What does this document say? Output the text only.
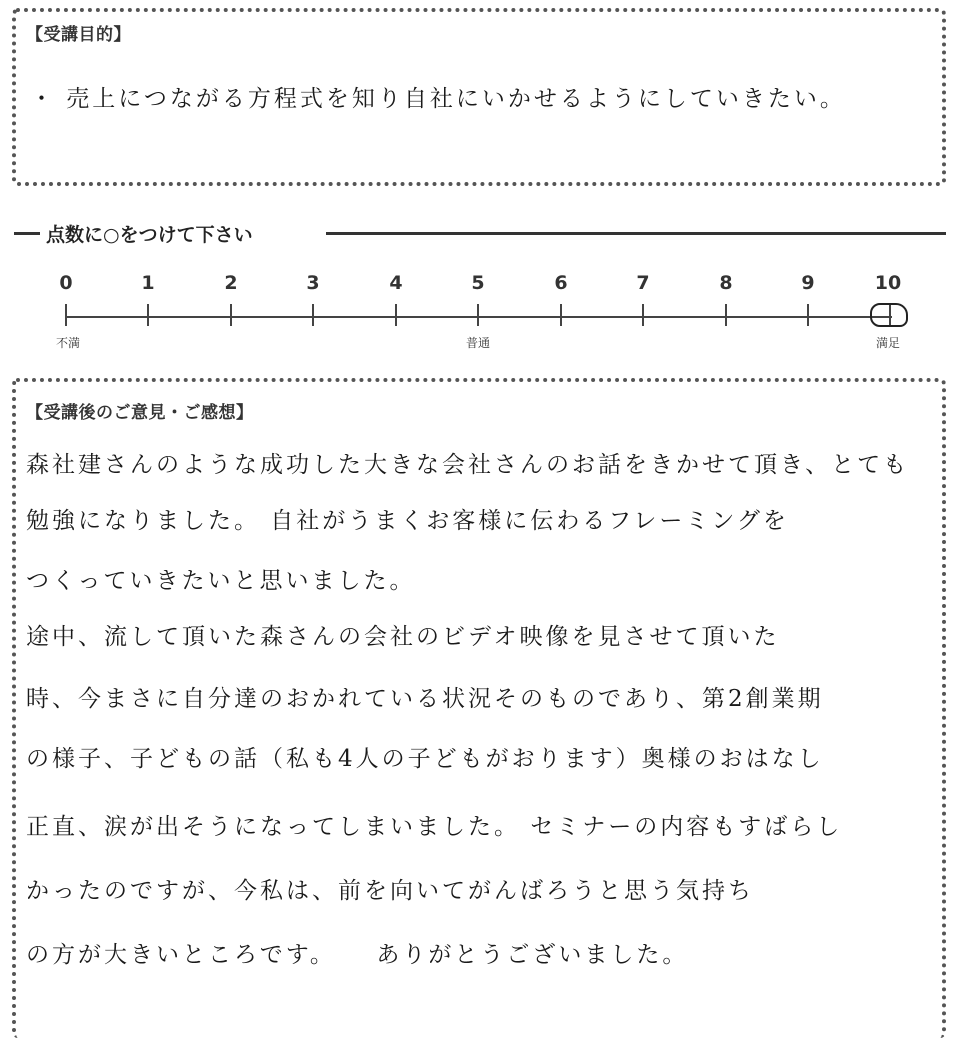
【受講目的】
・ 売上につながる方程式を知り自社にいかせるようにしていきたい。
点数に○をつけて下さい
0	1	2	3	4	5	6	7	8	9	10
不満	普通	満足
【受講後のご意見・ご感想】
森社建さんのような成功した大きな会社さんのお話をきかせて頂き、とても
勉強になりました。 自社がうまくお客様に伝わるフレーミングを
つくっていきたいと思いました。
途中、流して頂いた森さんの会社のビデオ映像を見させて頂いた
時、今まさに自分達のおかれている状況そのものであり、第2創業期
の様子、子どもの話（私も4人の子どもがおります）奥様のおはなし
正直、涙が出そうになってしまいました。 セミナーの内容もすばらし
かったのですが、今私は、前を向いてがんばろうと思う気持ち
の方が大きいところです。　　ありがとうございました。
